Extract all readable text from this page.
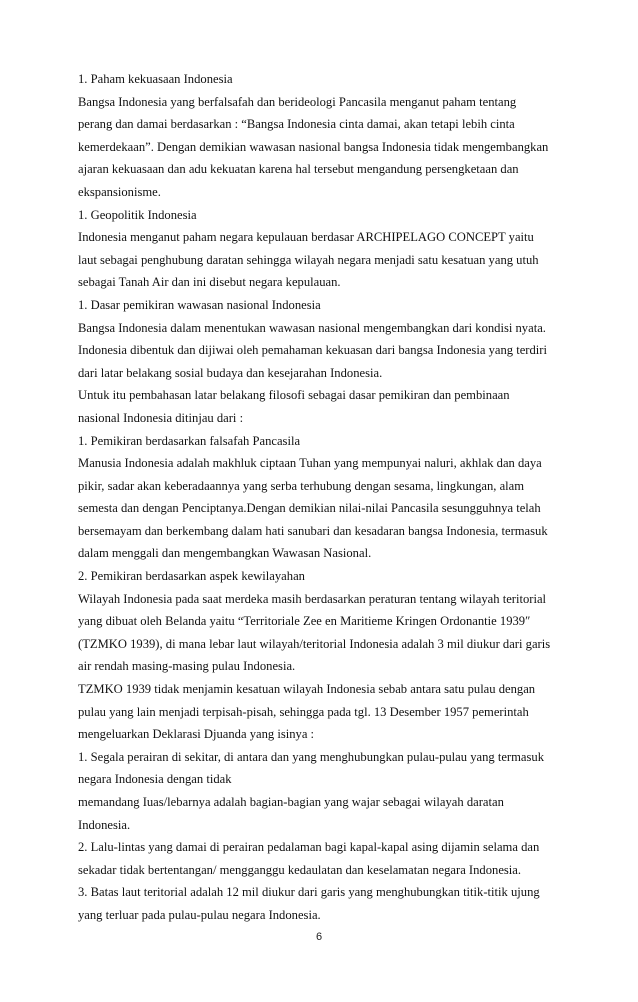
1. Paham kekuasaan Indonesia
Bangsa Indonesia yang berfalsafah dan berideologi Pancasila menganut paham tentang
perang dan damai berdasarkan : “Bangsa Indonesia cinta damai, akan tetapi lebih cinta
kemerdekaan”. Dengan demikian wawasan nasional bangsa Indonesia tidak mengembangkan
ajaran kekuasaan dan adu kekuatan karena hal tersebut mengandung persengketaan dan
ekspansionisme.
1. Geopolitik Indonesia
Indonesia menganut paham negara kepulauan berdasar ARCHIPELAGO CONCEPT yaitu
laut sebagai penghubung daratan sehingga wilayah negara menjadi satu kesatuan yang utuh
sebagai Tanah Air dan ini disebut negara kepulauan.
1. Dasar pemikiran wawasan nasional Indonesia
Bangsa Indonesia dalam menentukan wawasan nasional mengembangkan dari kondisi nyata.
Indonesia dibentuk dan dijiwai oleh pemahaman kekuasan dari bangsa Indonesia yang terdiri
dari latar belakang sosial budaya dan kesejarahan Indonesia.
Untuk itu pembahasan latar belakang filosofi sebagai dasar pemikiran dan pembinaan
nasional Indonesia ditinjau dari :
1. Pemikiran berdasarkan falsafah Pancasila
Manusia Indonesia adalah makhluk ciptaan Tuhan yang mempunyai naluri, akhlak dan daya
pikir, sadar akan keberadaannya yang serba terhubung dengan sesama, lingkungan, alam
semesta dan dengan Penciptanya.Dengan demikian nilai-nilai Pancasila sesungguhnya telah
bersemayam dan berkembang dalam hati sanubari dan kesadaran bangsa Indonesia, termasuk
dalam menggali dan mengembangkan Wawasan Nasional.
2. Pemikiran berdasarkan aspek kewilayahan
Wilayah Indonesia pada saat merdeka masih berdasarkan peraturan tentang wilayah teritorial
yang dibuat oleh Belanda yaitu “Territoriale Zee en Maritieme Kringen Ordonantie 1939″
(TZMKO 1939), di mana lebar laut wilayah/teritorial Indonesia adalah 3 mil diukur dari garis
air rendah masing-masing pulau Indonesia.
TZMKO 1939 tidak menjamin kesatuan wilayah Indonesia sebab antara satu pulau dengan
pulau yang lain menjadi terpisah-pisah, sehingga pada tgl. 13 Desember 1957 pemerintah
mengeluarkan Deklarasi Djuanda yang isinya :
1. Segala perairan di sekitar, di antara dan yang menghubungkan pulau-pulau yang termasuk
negara Indonesia dengan tidak
memandang Iuas/lebarnya adalah bagian-bagian yang wajar sebagai wilayah daratan
Indonesia.
2. Lalu-lintas yang damai di perairan pedalaman bagi kapal-kapal asing dijamin selama dan
sekadar tidak bertentangan/ mengganggu kedaulatan dan keselamatan negara Indonesia.
3. Batas laut teritorial adalah 12 mil diukur dari garis yang menghubungkan titik-titik ujung
yang terluar pada pulau-pulau negara Indonesia.
6
